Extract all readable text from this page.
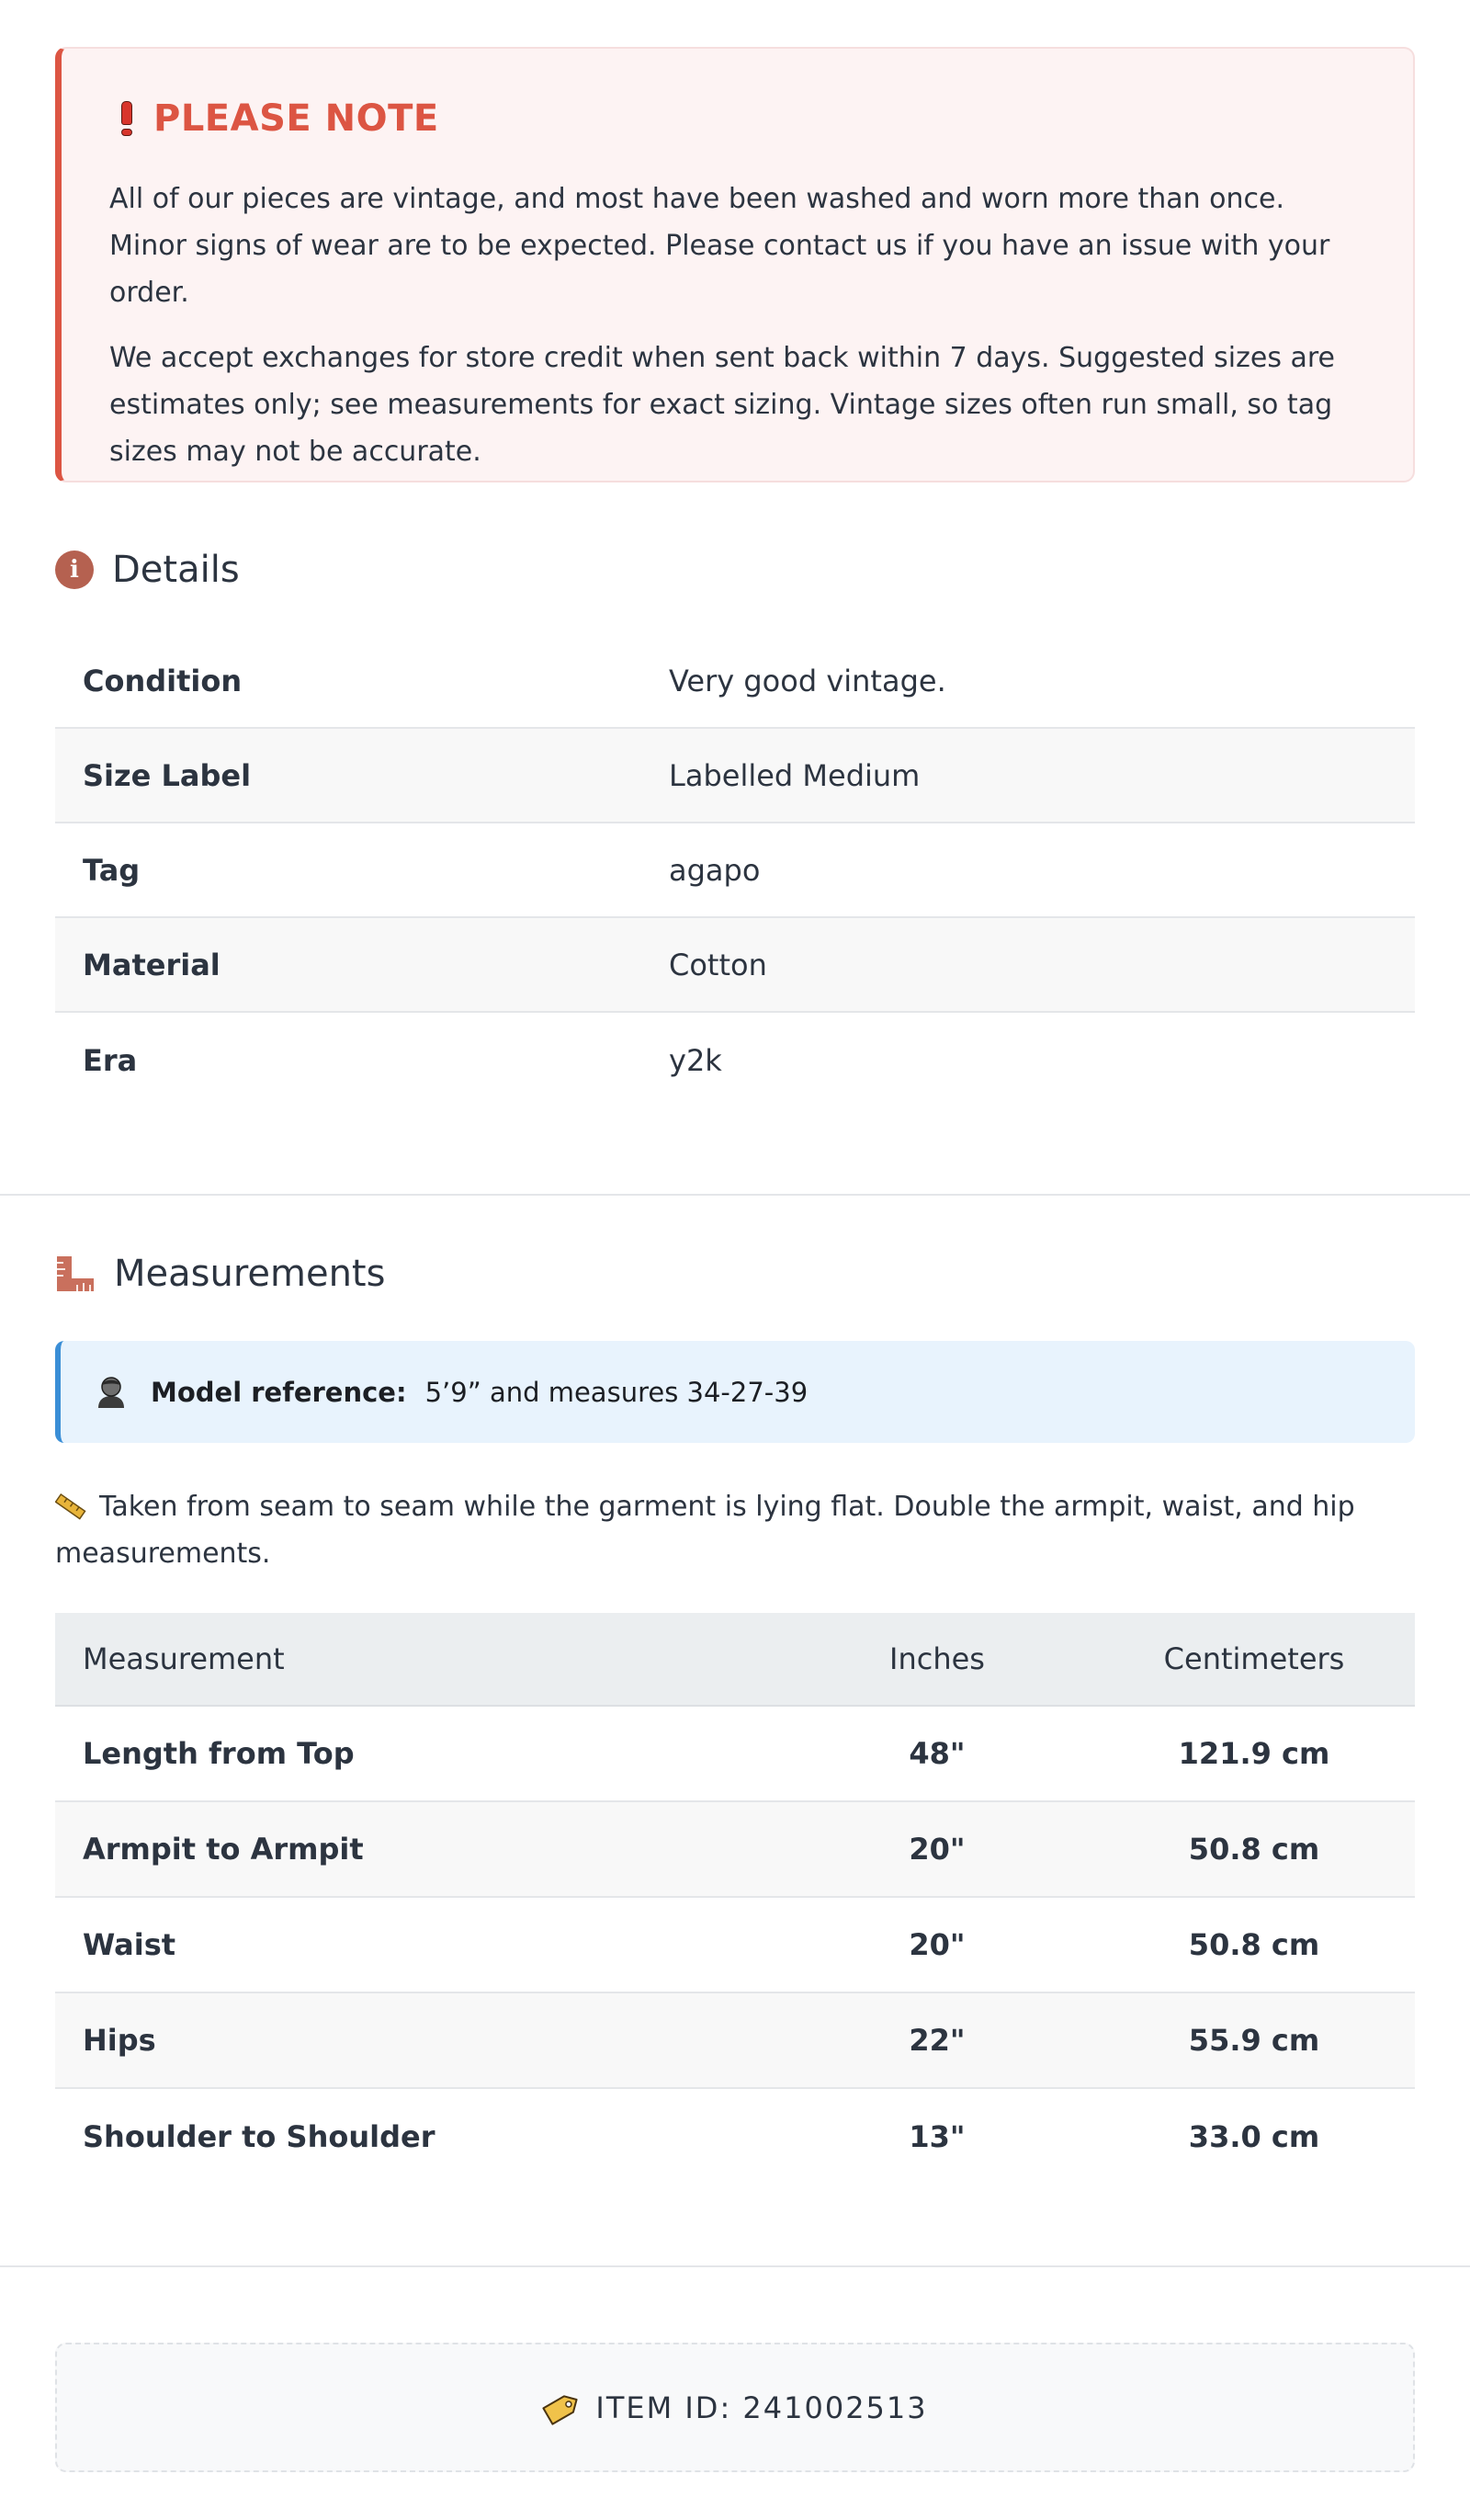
PLEASE NOTE

All of our pieces are vintage, and most have been washed and worn more than once. Minor signs of wear are to be expected. Please contact us if you have an issue with your order.

We accept exchanges for store credit when sent back within 7 days. Suggested sizes are estimates only; see measurements for exact sizing. Vintage sizes often run small, so tag sizes may not be accurate.

i Details
Condition	Very good vintage.
Size Label	Labelled Medium
Tag	agapo
Material	Cotton
Era	y2k
Measurements
Model reference: 5’9” and measures 34-27-39
Taken from seam to seam while the garment is lying flat. Double the armpit, waist, and hip measurements.
Measurement	Inches	Centimeters
Length from Top	48"	121.9 cm
Armpit to Armpit	20"	50.8 cm
Waist	20"	50.8 cm
Hips	22"	55.9 cm
Shoulder to Shoulder	13"	33.0 cm
ITEM ID: 241002513
